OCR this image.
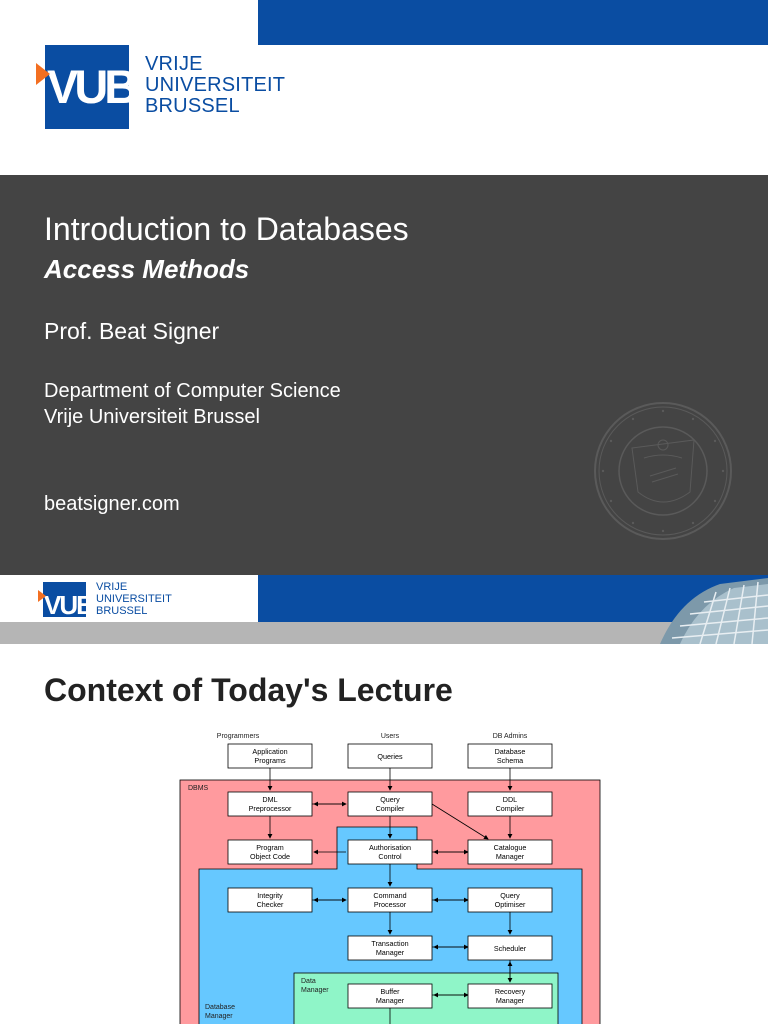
VUB VRIJE
UNIVERSITEIT
BRUSSEL
Introduction to Databases
Access Methods
Prof. Beat Signer
Department of Computer Science
Vrije Universiteit Brussel
beatsigner.com
VUB
VRIJE
UNIVERSITEIT
BRUSSEL
Context of Today's Lecture
DBMS
Database
Manager
Data
Manager
Programmers	Users	DB Admins
Application
Programs	Queries
Database
Schema
DML
Preprocessor
Query
Compiler
DDL
Compiler
Program
Object Code
Authorisation
Control
Catalogue
Manager
Integrity
Checker
Command
Processor
Query
Optimiser
Transaction
Manager	Scheduler
Buffer
Manager
Recovery
Manager
